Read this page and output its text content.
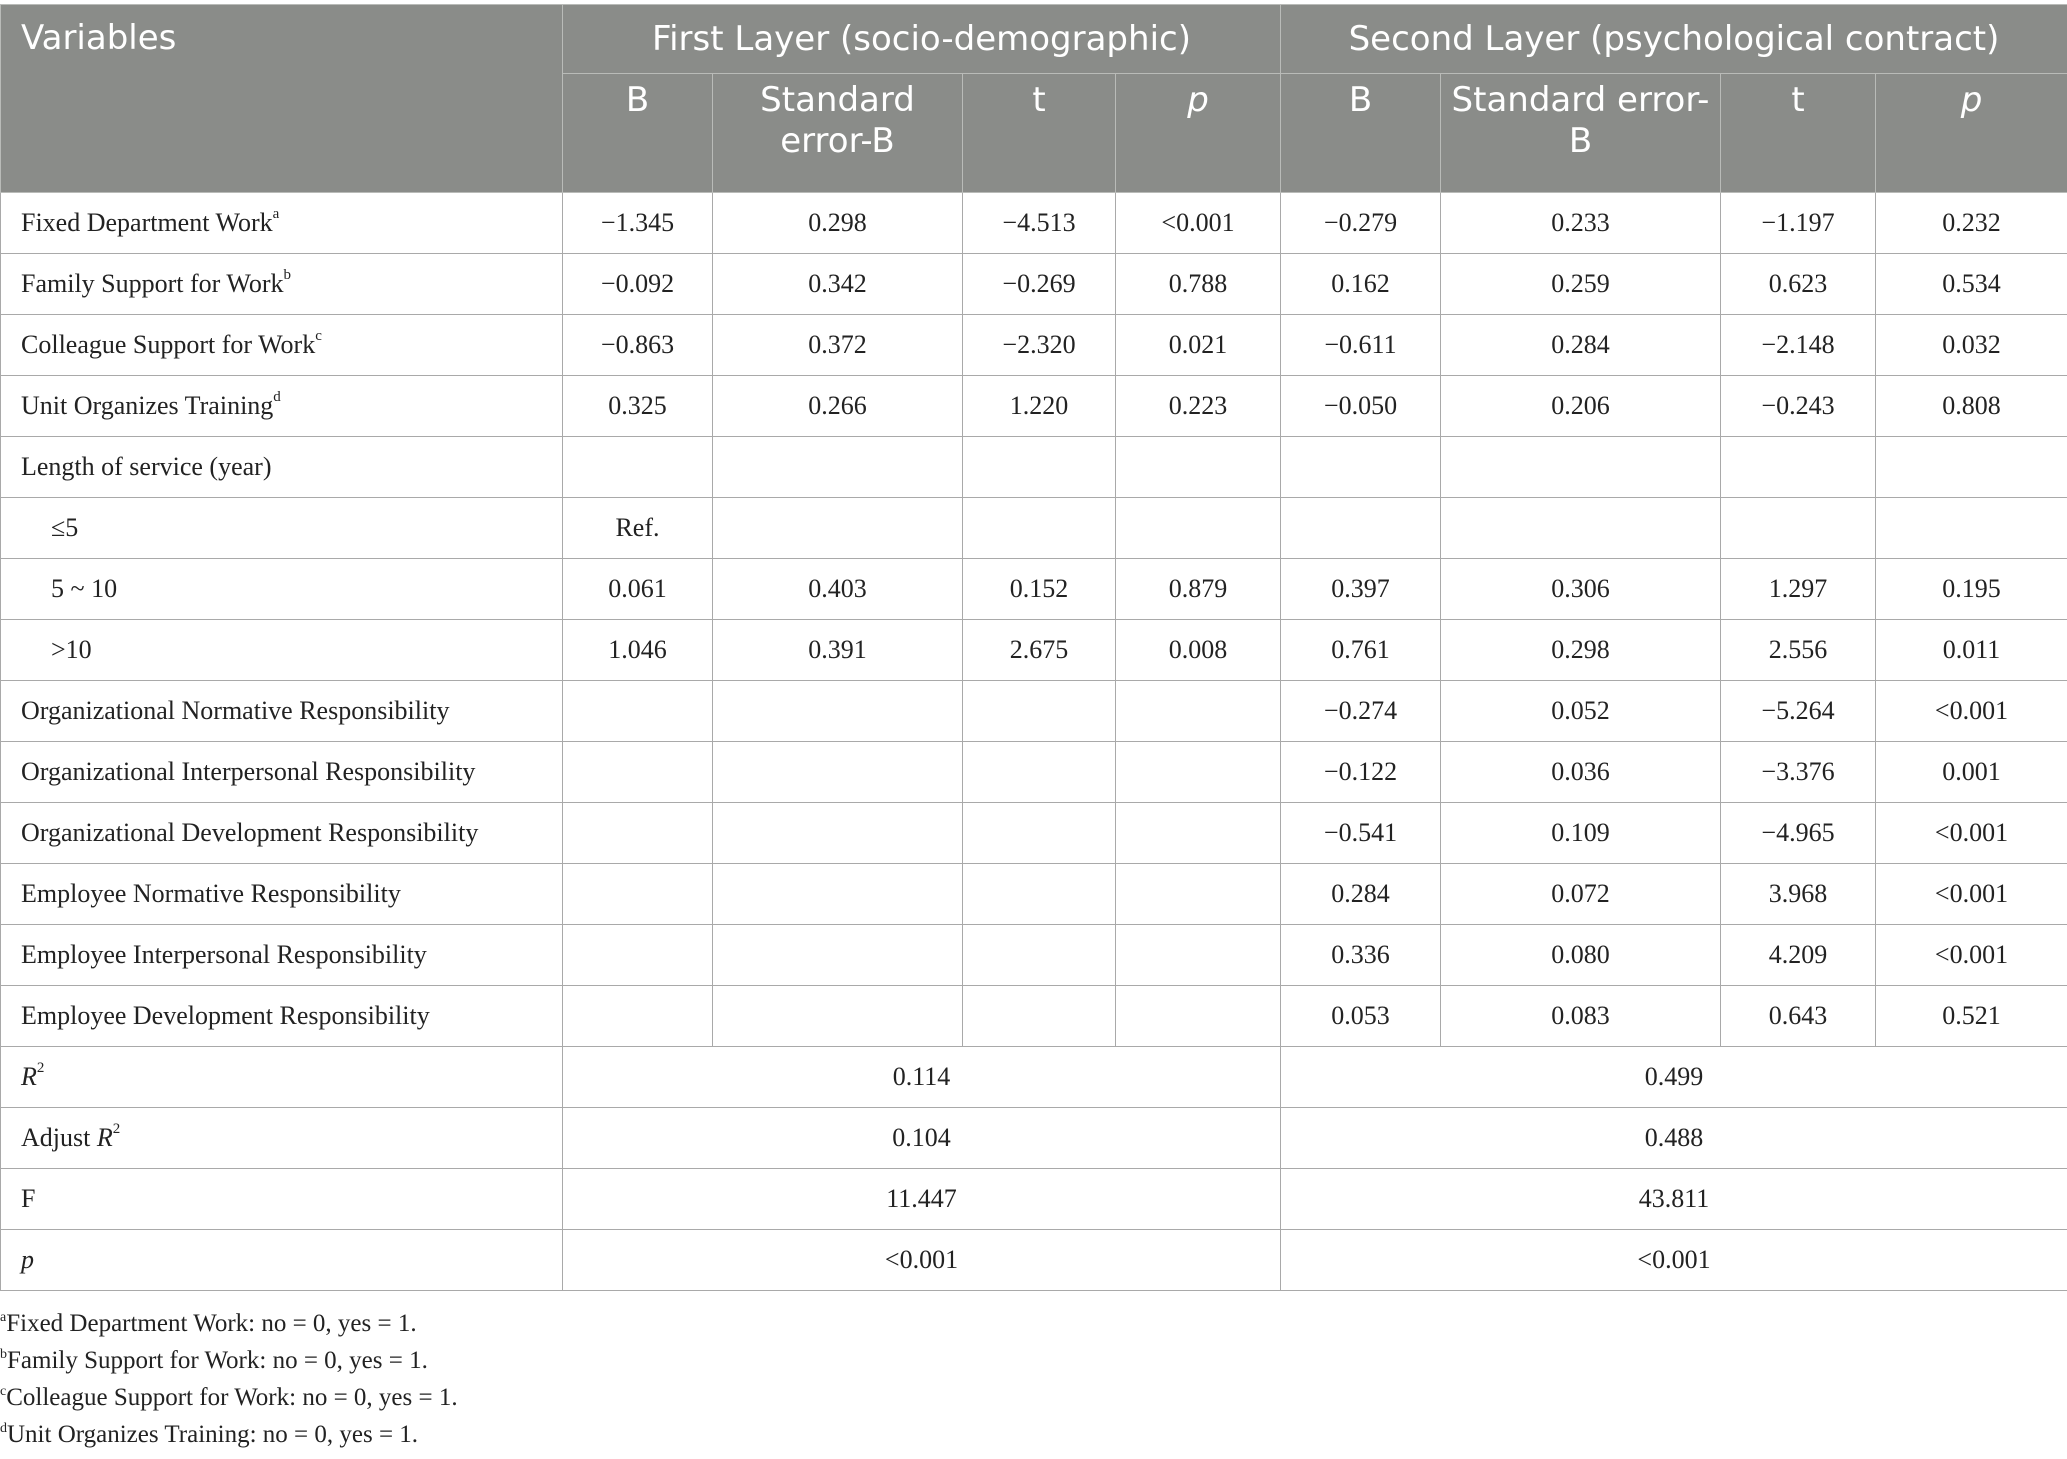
Variables	First Layer (socio-demographic)				Second Layer (psychological contract)			
	B	Standard error-B	t	p	B	Standard error-B	t	p
Fixed Department Work$^a$	−1.345	0.298	−4.513	<0.001	−0.279	0.233	−1.197	0.232
Family Support for Work$^b$	−0.092	0.342	−0.269	0.788	0.162	0.259	0.623	0.534
Colleague Support for Work$^c$	−0.863	0.372	−2.320	0.021	−0.611	0.284	−2.148	0.032
Unit Organizes Training$^d$	0.325	0.266	1.220	0.223	−0.050	0.206	−0.243	0.808
Length of service (year)								
≤5	Ref.							
5 ~ 10	0.061	0.403	0.152	0.879	0.397	0.306	1.297	0.195
>10	1.046	0.391	2.675	0.008	0.761	0.298	2.556	0.011
Organizational Normative Responsibility					−0.274	0.052	−5.264	<0.001
Organizational Interpersonal Responsibility					−0.122	0.036	−3.376	0.001
Organizational Development Responsibility					−0.541	0.109	−4.965	<0.001
Employee Normative Responsibility					0.284	0.072	3.968	<0.001
Employee Interpersonal Responsibility					0.336	0.080	4.209	<0.001
Employee Development Responsibility					0.053	0.083	0.643	0.521
$R^2$	0.114				0.499			
Adjust $R^2$	0.104				0.488			
F	11.447				43.811			
p	<0.001				<0.001			
$^a$Fixed Department Work: no = 0, yes = 1.
$^b$Family Support for Work: no = 0, yes = 1.
$^c$Colleague Support for Work: no = 0, yes = 1.
$^d$Unit Organizes Training: no = 0, yes = 1.
